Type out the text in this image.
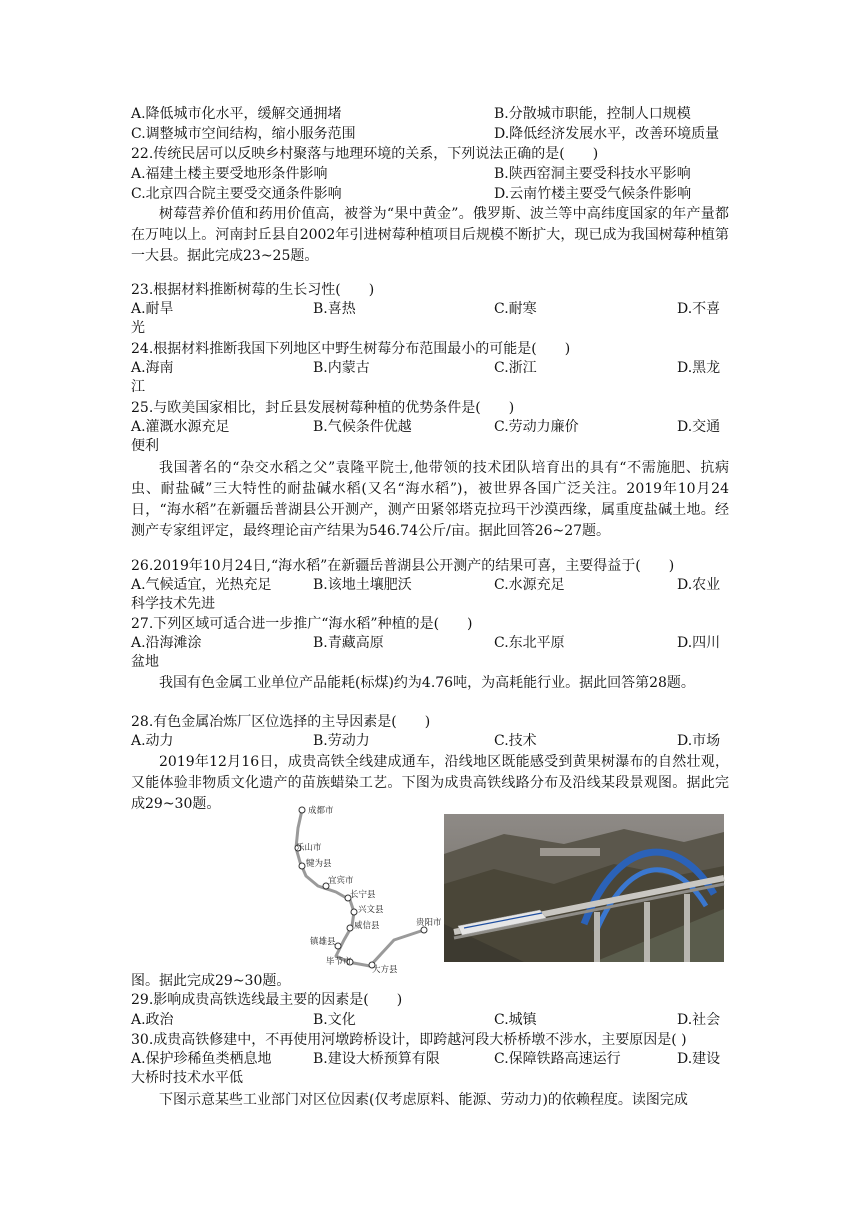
A.降低城市化水平，缓解交通拥堵	B.分散城市职能，控制人口规模
C.调整城市空间结构，缩小服务范围	D.降低经济发展水平，改善环境质量
22.传统民居可以反映乡村聚落与地理环境的关系，下列说法正确的是(　　)
A.福建土楼主要受地形条件影响	B.陕西窑洞主要受科技水平影响
C.北京四合院主要受交通条件影响	D.云南竹楼主要受气候条件影响
树莓营养价值和药用价值高，被誉为“果中黄金”。俄罗斯、波兰等中高纬度国家的年产量都在万吨以上。河南封丘县自2002年引进树莓种植项目后规模不断扩大，现已成为我国树莓种植第一大县。据此完成23~25题。
23.根据材料推断树莓的生长习性(　　)
A.耐旱	B.喜热	C.耐寒	D.不喜光
24.根据材料推断我国下列地区中野生树莓分布范围最小的可能是(　　)
A.海南	B.内蒙古	C.浙江	D.黑龙江
25.与欧美国家相比，封丘县发展树莓种植的优势条件是(　　)
A.灌溉水源充足	B.气候条件优越	C.劳动力廉价	D.交通便利
我国著名的“杂交水稻之父”袁隆平院士,他带领的技术团队培育出的具有“不需施肥、抗病虫、耐盐碱”三大特性的耐盐碱水稻(又名“海水稻”)，被世界各国广泛关注。2019年10月24日，“海水稻”在新疆岳普湖县公开测产，测产田紧邻塔克拉玛干沙漠西缘，属重度盐碱土地。经测产专家组评定，最终理论亩产结果为546.74公斤/亩。据此回答26~27题。
26.2019年10月24日,“海水稻”在新疆岳普湖县公开测产的结果可喜，主要得益于(　　)
A.气候适宜，光热充足	B.该地土壤肥沃	C.水源充足	D.农业科学技术先进
27.下列区域可适合进一步推广“海水稻”种植的是(　　)
A.沿海滩涂	B.青藏高原	C.东北平原	D.四川盆地
我国有色金属工业单位产品能耗(标煤)约为4.76吨，为高耗能行业。据此回答第28题。
28.有色金属冶炼厂区位选择的主导因素是(　　)
A.动力	B.劳动力	C.技术	D.市场
2019年12月16日，成贵高铁全线建成通车，沿线地区既能感受到黄果树瀑布的自然壮观，又能体验非物质文化遗产的苗族蜡染工艺。下图为成贵高铁线路分布及沿线某段景观图。据此完成29~30题。
图。据此完成29~30题。
成都市
乐山市
犍为县
宜宾市
长宁县
兴文县
威信县
镇雄县
毕节市
大方县
贵阳市
29.影响成贵高铁选线最主要的因素是(　　)
A.政治	B.文化	C.城镇	D.社会
30.成贵高铁修建中，不再使用河墩跨桥设计，即跨越河段大桥桥墩不涉水，主要原因是( )
A.保护珍稀鱼类栖息地	B.建设大桥预算有限	C.保障铁路高速运行	D.建设大桥时技术水平低
下图示意某些工业部门对区位因素(仅考虑原料、能源、劳动力)的依赖程度。读图完成
